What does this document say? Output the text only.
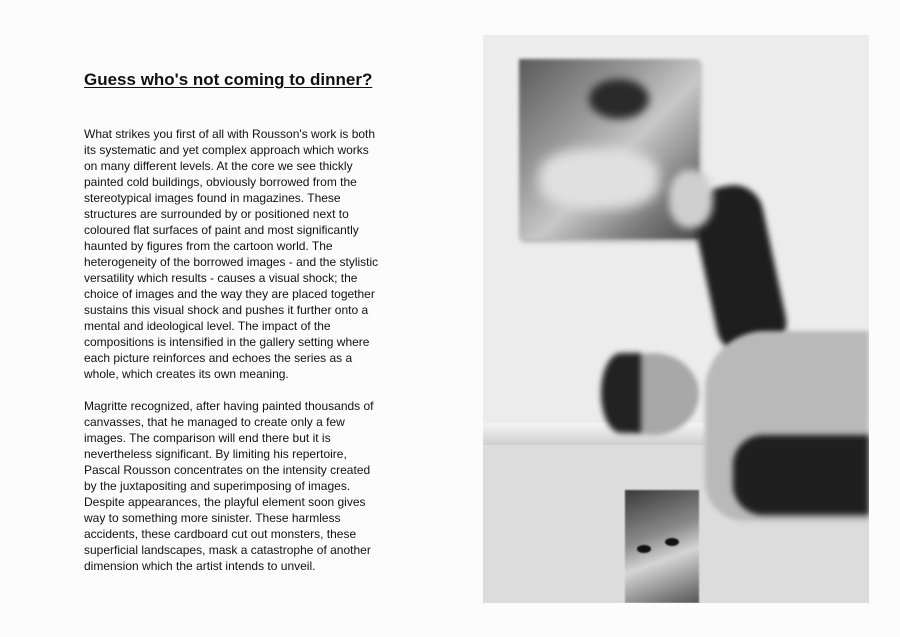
Guess who's not coming to dinner?

What strikes you first of all with Rousson's work is both its systematic and yet complex approach which works on many different levels. At the core we see thickly painted cold buildings, obviously borrowed from the stereotypical images found in magazines. These structures are surrounded by or positioned next to coloured flat surfaces of paint and most significantly haunted by figures from the cartoon world. The heterogeneity of the borrowed images - and the stylistic versatility which results - causes a visual shock; the choice of images and the way they are placed together sustains this visual shock and pushes it further onto a mental and ideological level. The impact of the compositions is intensified in the gallery setting where each picture reinforces and echoes the series as a whole, which creates its own meaning.

Magritte recognized, after having painted thousands of canvasses, that he managed to create only a few images. The comparison will end there but it is nevertheless significant. By limiting his repertoire, Pascal Rousson concentrates on the intensity created by the juxtapositing and superimposing of images. Despite appearances, the playful element soon gives way to something more sinister. These harmless accidents, these cardboard cut out monsters, these superficial landscapes, mask a catastrophe of another dimension which the artist intends to unveil.
